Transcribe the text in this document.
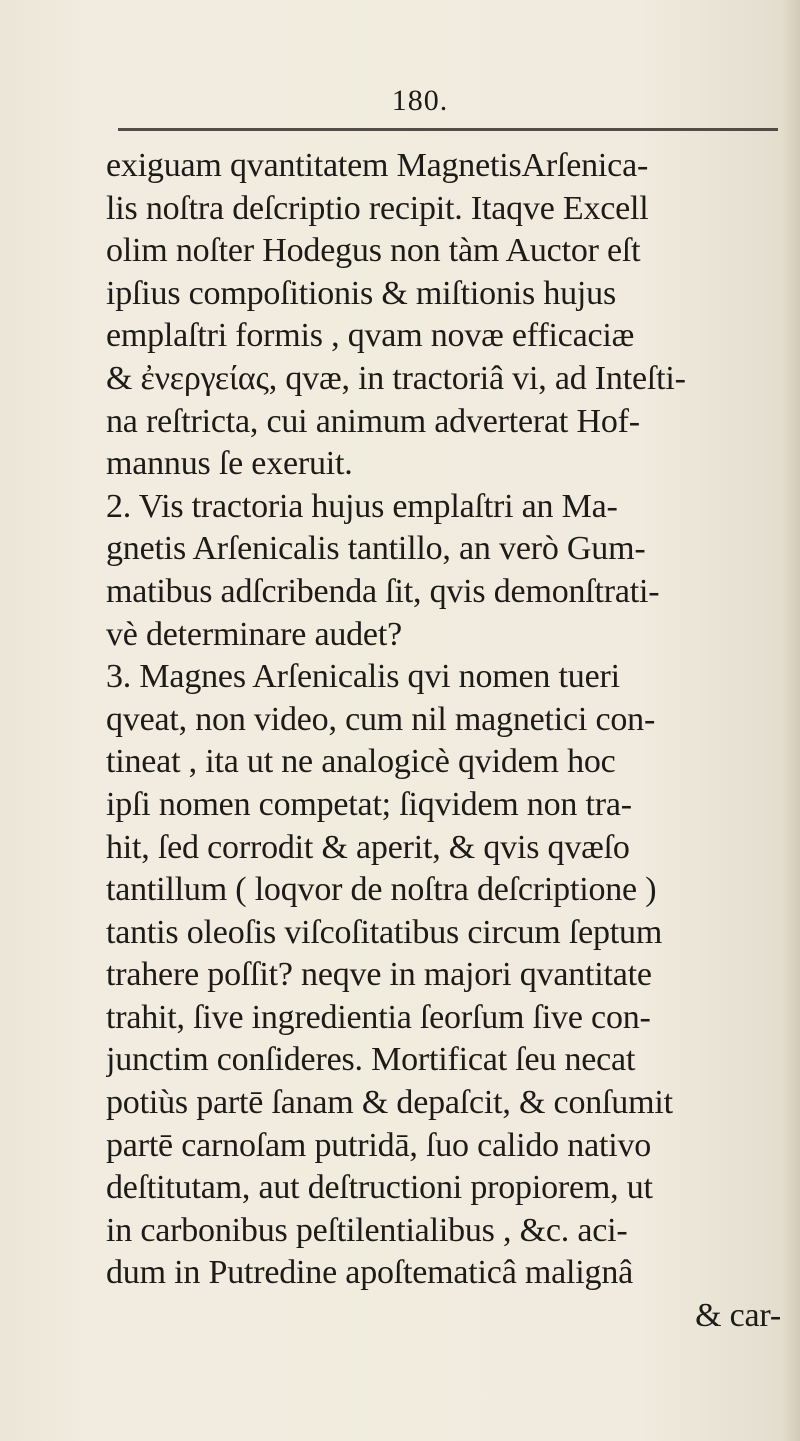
180.
exiguam qvantitatem MagnetisArſenica-
lis noſtra deſcriptio recipit. Itaqve Excell
olim noſter Hodegus non tàm Auctor eſt
ipſius compoſitionis & miſtionis hujus
emplaſtri formis , qvam novæ efficaciæ
& ἐνεργείας, qvæ, in tractoriâ vi, ad Inteſti-
na reſtricta, cui animum adverterat Hof-
mannus ſe exeruit.
2. Vis tractoria hujus emplaſtri an Ma-
gnetis Arſenicalis tantillo, an verò Gum-
matibus adſcribenda ſit, qvis demonſtrati-
vè determinare audet?
3. Magnes Arſenicalis qvi nomen tueri
qveat, non video, cum nil magnetici con-
tineat , ita ut ne analogicè qvidem hoc
ipſi nomen competat; ſiqvidem non tra-
hit, ſed corrodit & aperit, & qvis qvæſo
tantillum ( loqvor de noſtra deſcriptione )
tantis oleoſis viſcoſitatibus circum ſeptum
trahere poſſit? neqve in majori qvantitate
trahit, ſive ingredientia ſeorſum ſive con-
junctim conſideres. Mortificat ſeu necat
potiùs partē ſanam & depaſcit, & conſumit
partē carnoſam putridā, ſuo calido nativo
deſtitutam, aut deſtructioni propiorem, ut
in carbonibus peſtilentialibus , &c. aci-
dum in Putredine apoſtematicâ malignâ
& car-
